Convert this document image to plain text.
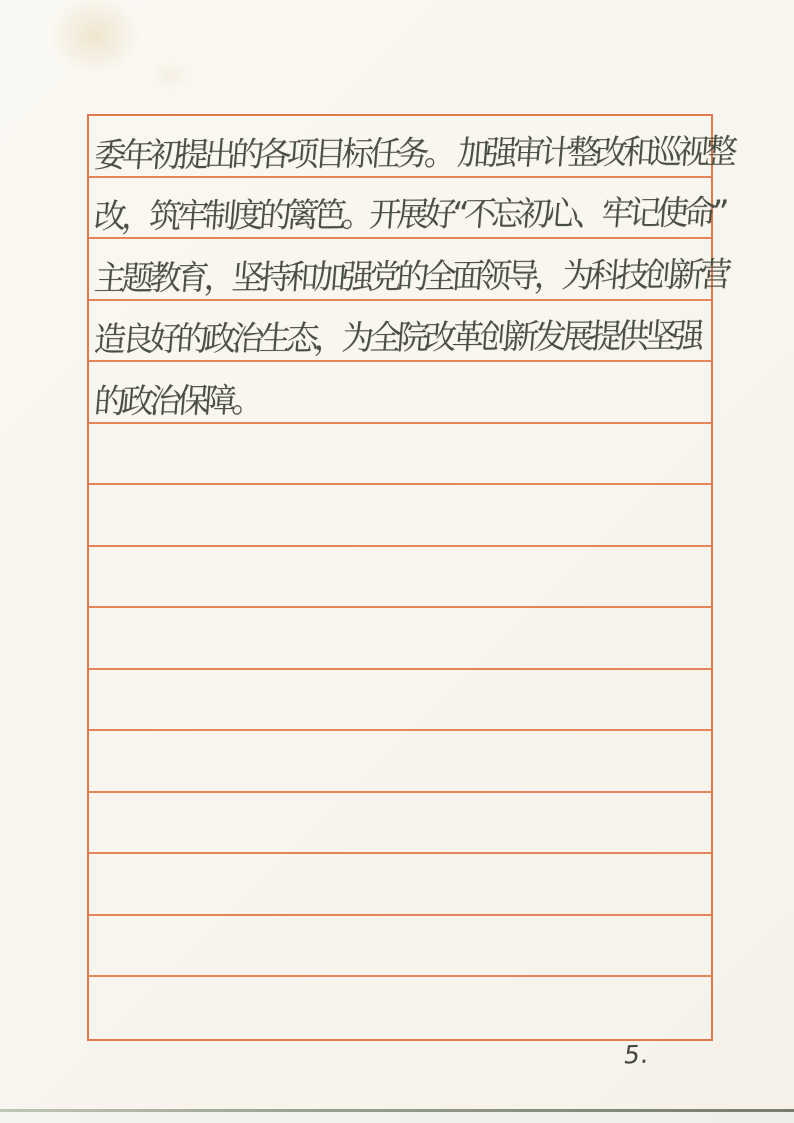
委年初提出的各项目标任务。 加强审计整改和巡视整
改，筑牢制度的篱笆。开展好“不忘初心、牢记使命”
主题教育，坚持和加强党的全面领导，为科技创新营
造良好的政治生态，为全院改革创新发展提供坚强
的政治保障。
5.
